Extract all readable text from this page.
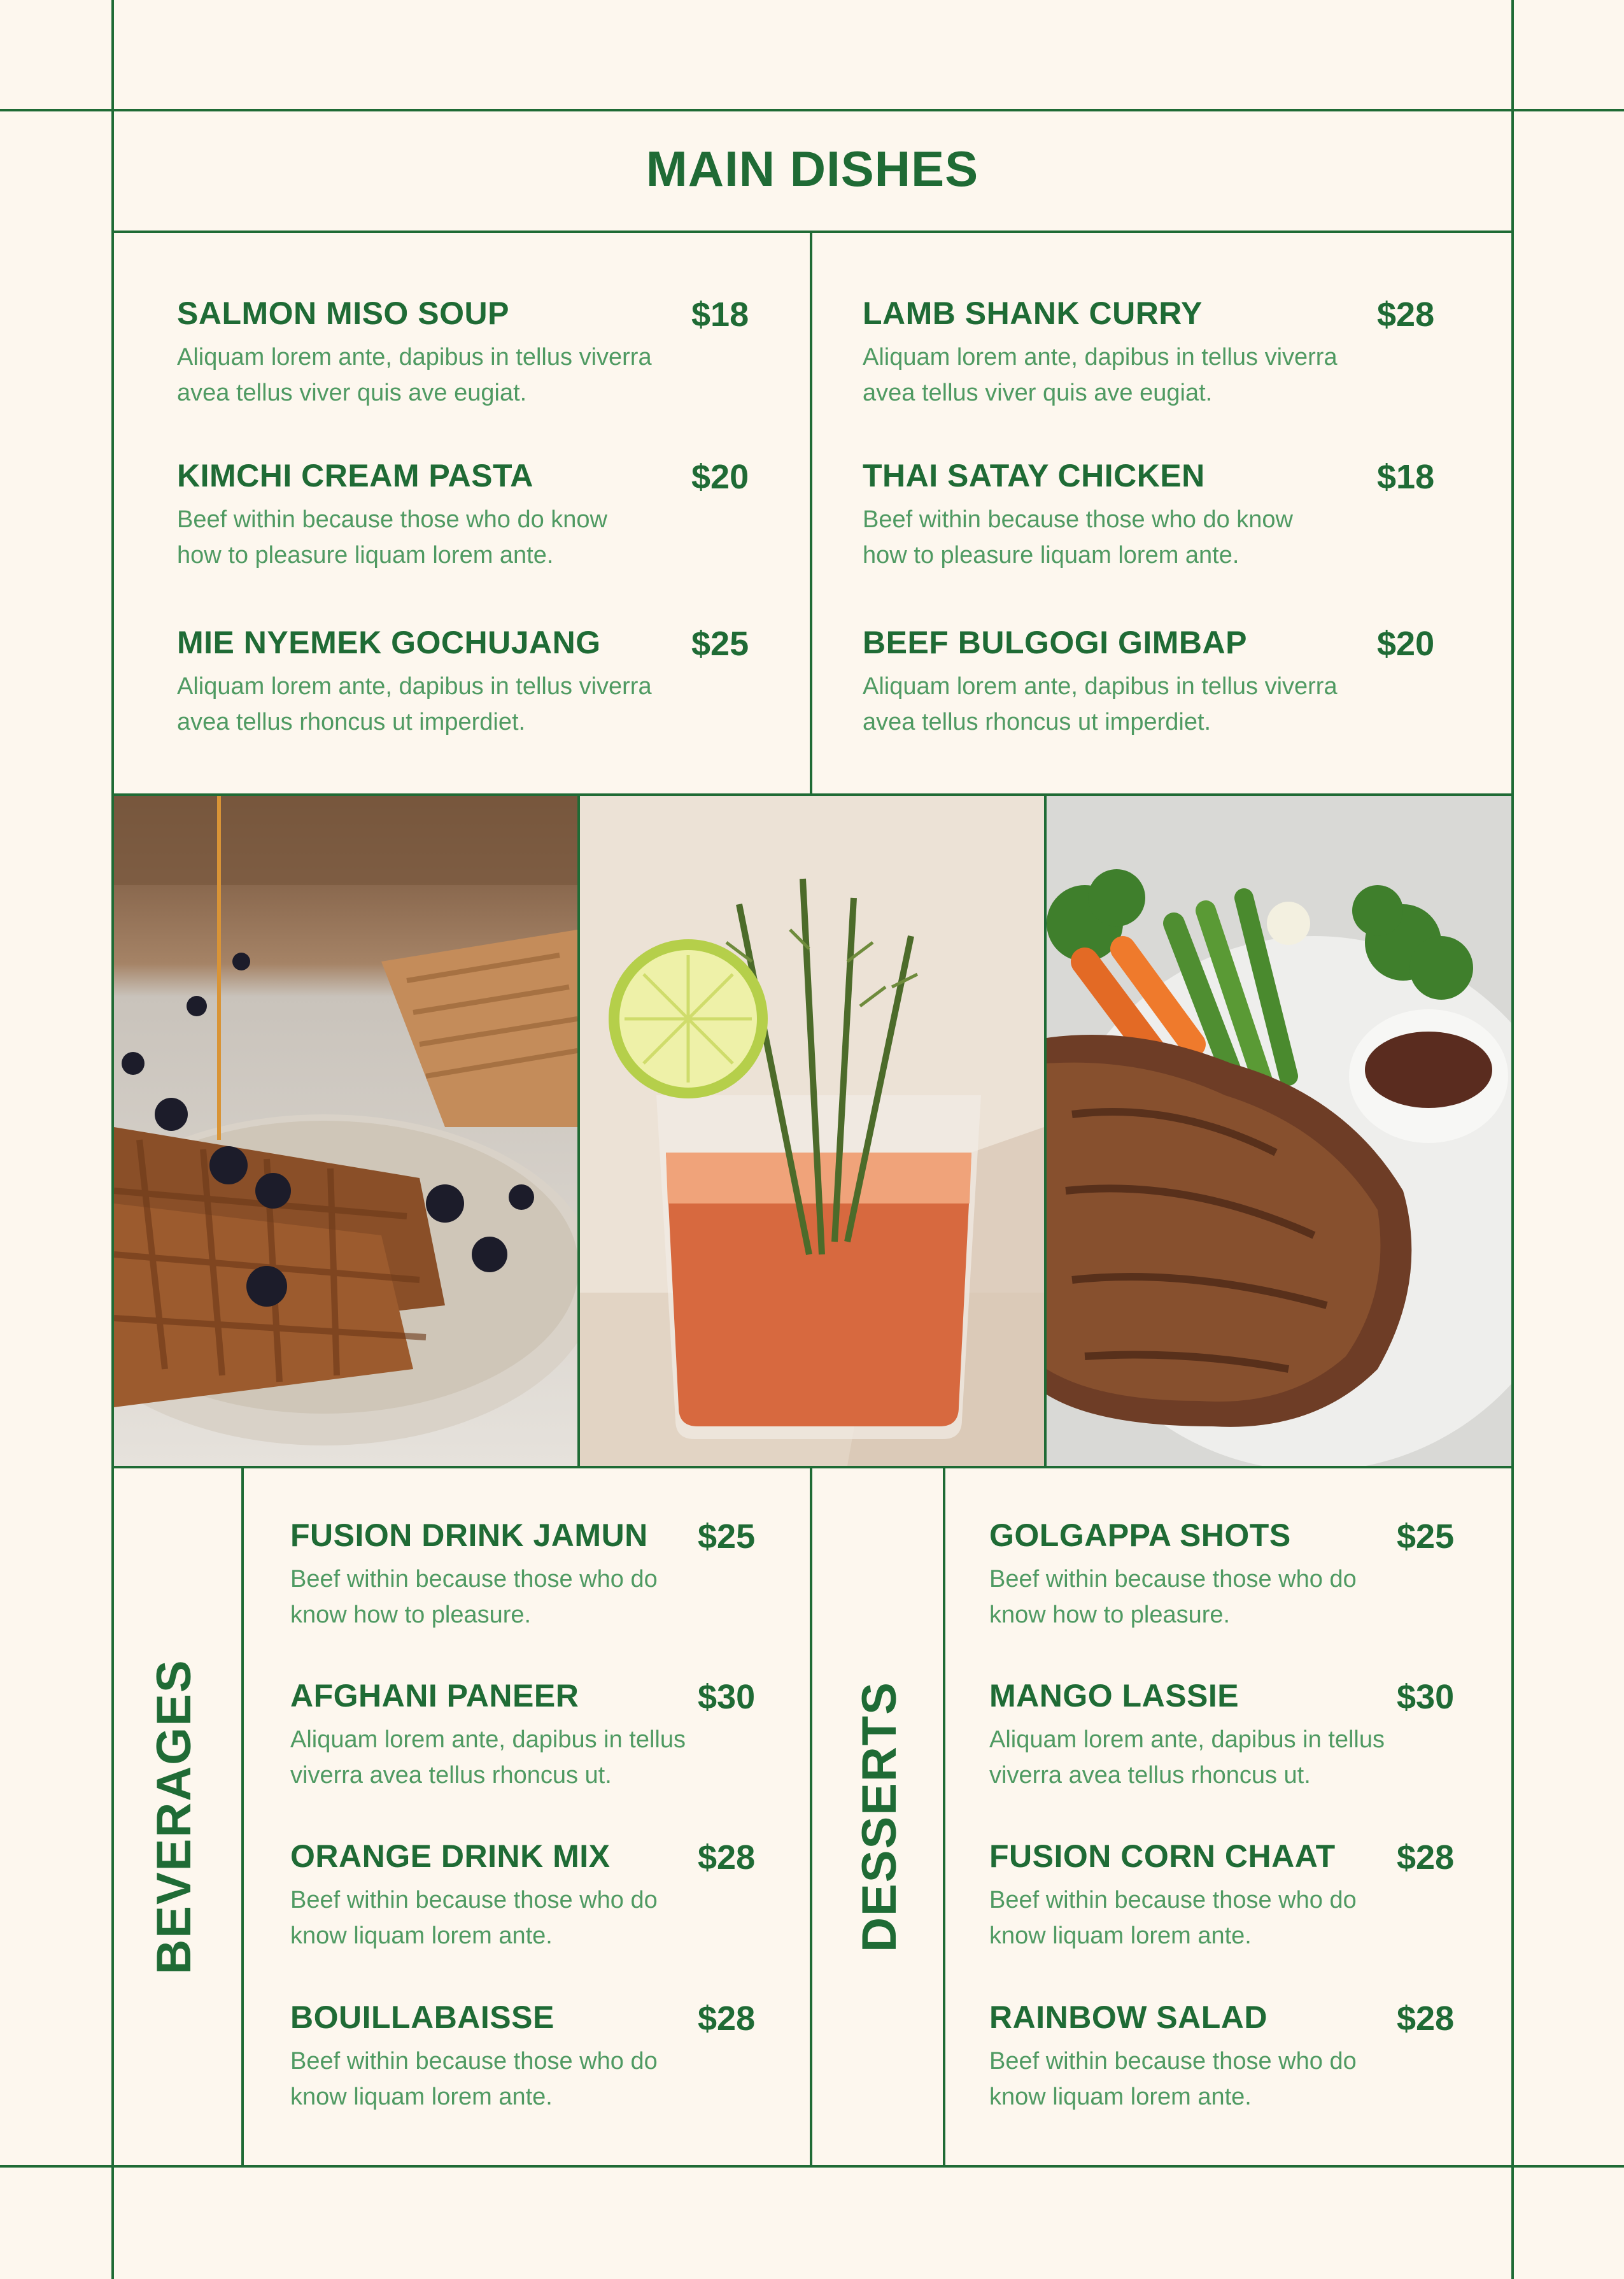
MAIN DISHES
SALMON MISO SOUP	$18
Aliquam lorem ante, dapibus in tellus viverra
avea tellus viver quis ave eugiat.
KIMCHI CREAM PASTA	$20
Beef within because those who do know
how to pleasure liquam lorem ante.
MIE NYEMEK GOCHUJANG	$25
Aliquam lorem ante, dapibus in tellus viverra
avea tellus rhoncus ut imperdiet.
LAMB SHANK CURRY	$28
Aliquam lorem ante, dapibus in tellus viverra
avea tellus viver quis ave eugiat.
THAI SATAY CHICKEN	$18
Beef within because those who do know
how to pleasure liquam lorem ante.
BEEF BULGOGI GIMBAP	$20
Aliquam lorem ante, dapibus in tellus viverra
avea tellus rhoncus ut imperdiet.
BEVERAGES
FUSION DRINK JAMUN	$25
Beef within because those who do
know how to pleasure.
AFGHANI PANEER	$30
Aliquam lorem ante, dapibus in tellus
viverra avea tellus rhoncus ut.
ORANGE DRINK MIX	$28
Beef within because those who do
know liquam lorem ante.
BOUILLABAISSE	$28
Beef within because those who do
know liquam lorem ante.
DESSERTS
GOLGAPPA SHOTS	$25
Beef within because those who do
know how to pleasure.
MANGO LASSIE	$30
Aliquam lorem ante, dapibus in tellus
viverra avea tellus rhoncus ut.
FUSION CORN CHAAT	$28
Beef within because those who do
know liquam lorem ante.
RAINBOW SALAD	$28
Beef within because those who do
know liquam lorem ante.
